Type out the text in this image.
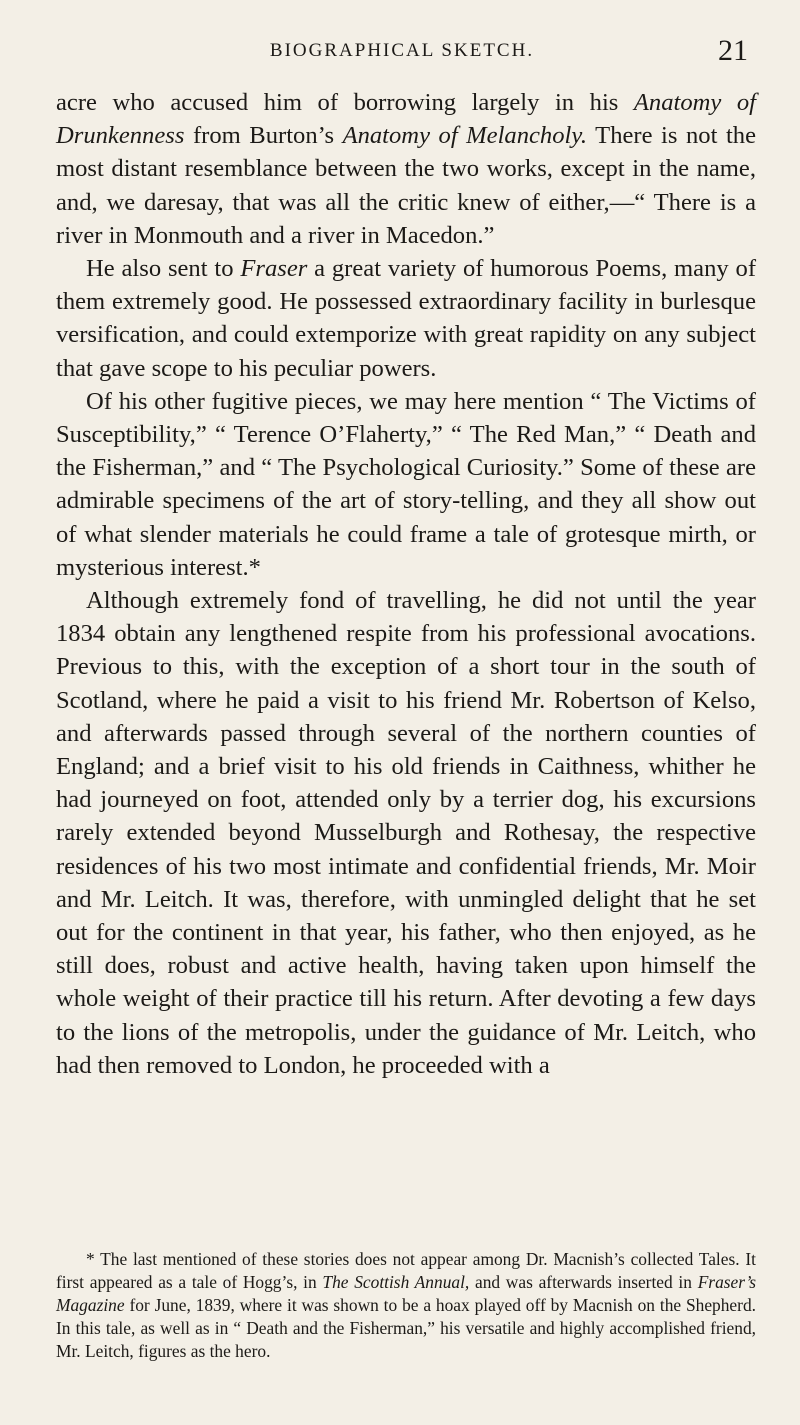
BIOGRAPHICAL SKETCH.	21

acre who accused him of borrowing largely in his Anatomy of Drunkenness from Burton’s Anatomy of Melancholy. There is not the most distant resemblance between the two works, except in the name, and, we daresay, that was all the critic knew of either,—“ There is a river in Monmouth and a river in Macedon.”

He also sent to Fraser a great variety of humorous Poems, many of them extremely good. He possessed extraordinary facility in burlesque versification, and could extemporize with great rapidity on any subject that gave scope to his peculiar powers.

Of his other fugitive pieces, we may here mention “ The Victims of Susceptibility,” “ Terence O’Flaherty,” “ The Red Man,” “ Death and the Fisherman,” and “ The Psychological Curiosity.” Some of these are admirable specimens of the art of story-telling, and they all show out of what slender materials he could frame a tale of grotesque mirth, or mysterious interest.*

Although extremely fond of travelling, he did not until the year 1834 obtain any lengthened respite from his professional avocations. Previous to this, with the exception of a short tour in the south of Scotland, where he paid a visit to his friend Mr. Robertson of Kelso, and afterwards passed through several of the northern counties of England; and a brief visit to his old friends in Caithness, whither he had journeyed on foot, attended only by a terrier dog, his excursions rarely extended beyond Musselburgh and Rothesay, the respective residences of his two most intimate and confidential friends, Mr. Moir and Mr. Leitch. It was, therefore, with unmingled delight that he set out for the continent in that year, his father, who then enjoyed, as he still does, robust and active health, having taken upon himself the whole weight of their practice till his return. After devoting a few days to the lions of the metropolis, under the guidance of Mr. Leitch, who had then removed to London, he proceeded with a

* The last mentioned of these stories does not appear among Dr. Macnish’s collected Tales. It first appeared as a tale of Hogg’s, in The Scottish Annual, and was afterwards inserted in Fraser’s Magazine for June, 1839, where it was shown to be a hoax played off by Macnish on the Shepherd. In this tale, as well as in “ Death and the Fisherman,” his versatile and highly accomplished friend, Mr. Leitch, figures as the hero.
